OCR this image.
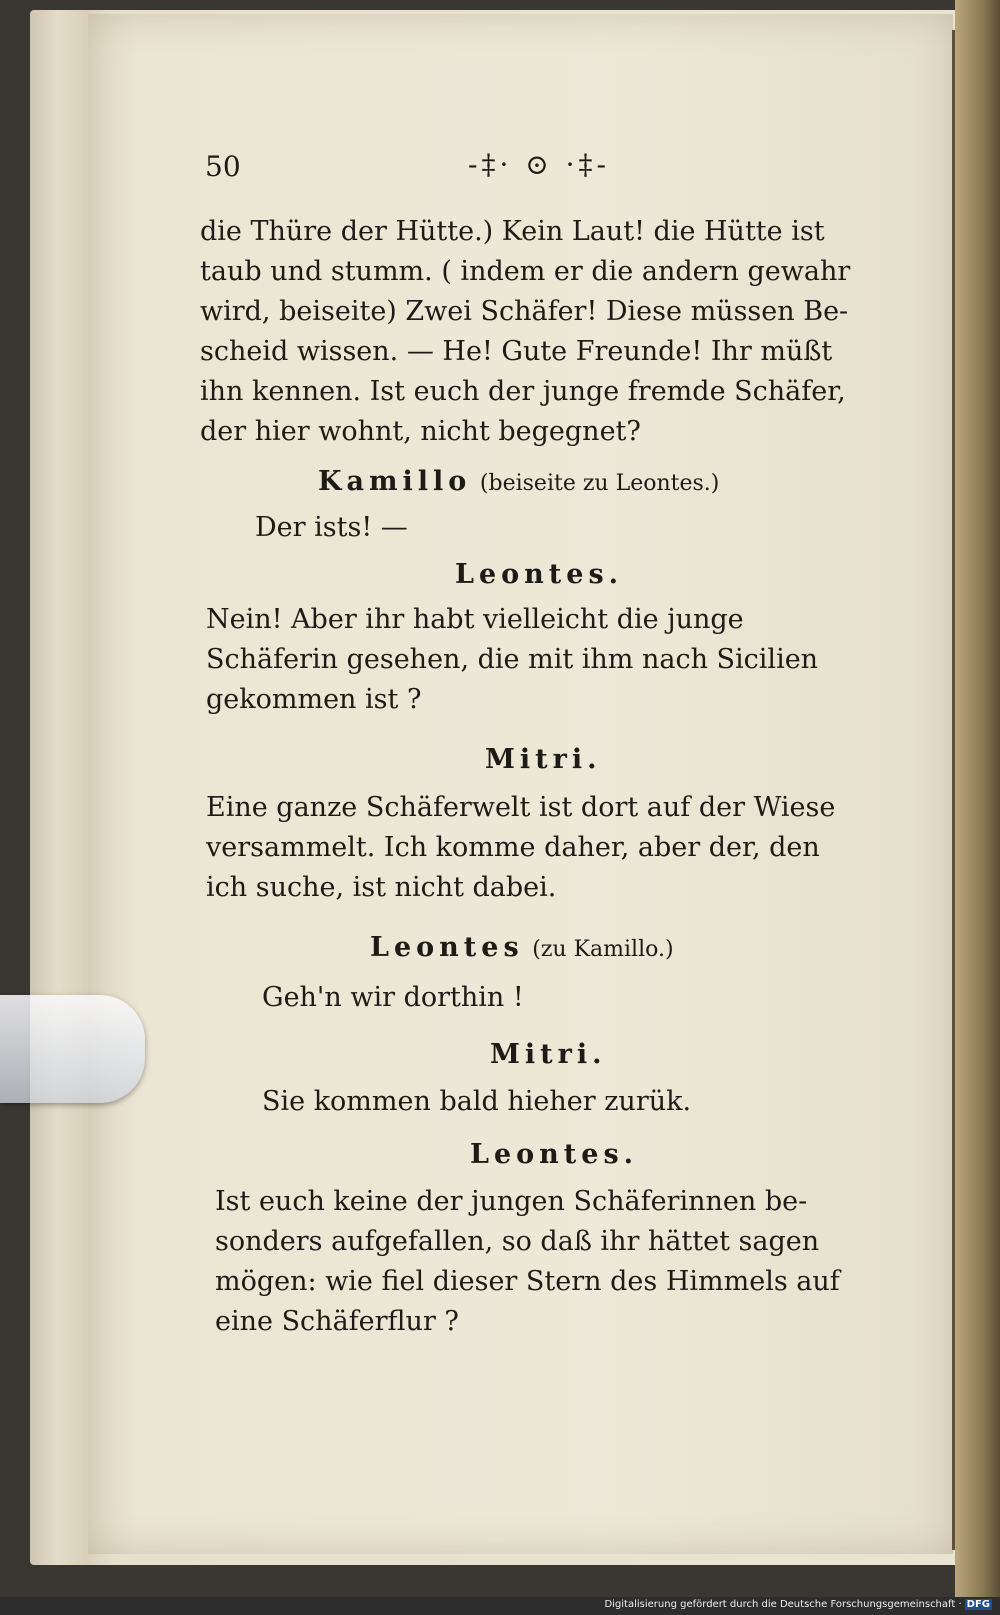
50	-‡· ⊙ ·‡-
die Thüre der Hütte.) Kein Laut! die Hütte ist
taub und stumm. ( indem er die andern gewahr
wird, beiseite) Zwei Schäfer! Diese müssen Be-
scheid wissen. — He! Gute Freunde! Ihr müßt
ihn kennen. Ist euch der junge fremde Schäfer,
der hier wohnt, nicht begegnet?
Kamillo (beiseite zu Leontes.)
Der ists! —
Leontes.
Nein! Aber ihr habt vielleicht die junge
Schäferin gesehen, die mit ihm nach Sicilien
gekommen ist ?
Mitri.
Eine ganze Schäferwelt ist dort auf der Wiese
versammelt. Ich komme daher, aber der, den
ich suche, ist nicht dabei.
Leontes (zu Kamillo.)
Geh'n wir dorthin !
Mitri.
Sie kommen bald hieher zurük.
Leontes.
Ist euch keine der jungen Schäferinnen be-
sonders aufgefallen, so daß ihr hättet sagen
mögen: wie fiel dieser Stern des Himmels auf
eine Schäferflur ?
Digitalisierung gefördert durch die Deutsche Forschungsgemeinschaft · DFG
